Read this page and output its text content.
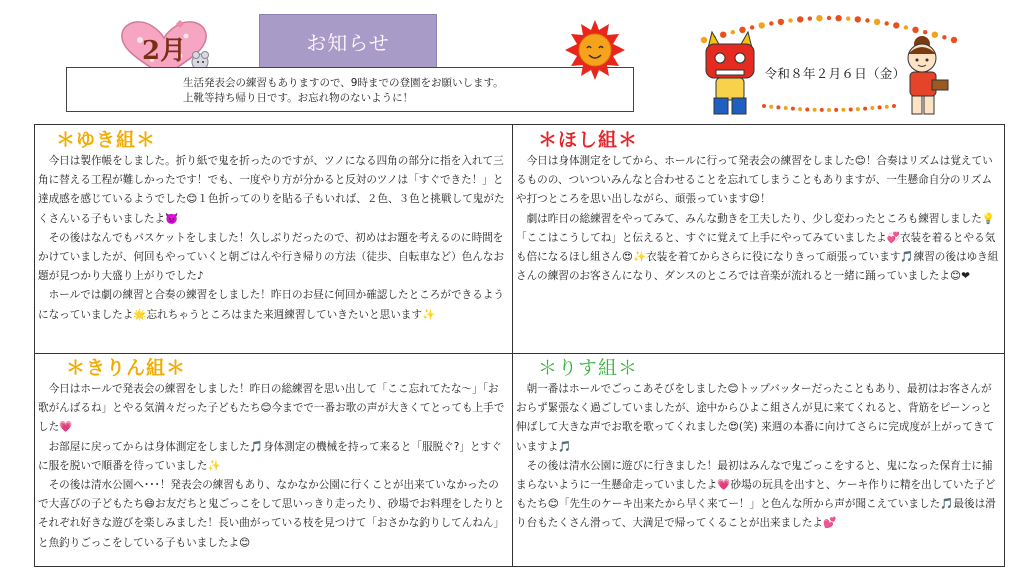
2月	お知らせ
生活発表会の練習もありますので、9時までの登園をお願いします。
上靴等持ち帰り日です。お忘れ物のないように！
令和８年２月６日（金）
＊ゆき組＊

今日は製作帳をしました。折り紙で鬼を折ったのですが、ツノになる四角の部分に指を入れて三角に替える工程が難しかったです！でも、一度やり方が分かると反対のツノは「すぐできた！」と達成感を感じているようでした😊１色折ってのりを貼る子もいれば、２色、３色と挑戦して鬼がたくさんいる子もいましたよ👿

その後はなんでもバスケットをしました！久しぶりだったので、初めはお題を考えるのに時間をかけていましたが、何回もやっていくと朝ごはんや行き帰りの方法（徒歩、自転車など）色んなお題が見つかり大盛り上がりでした♪

ホールでは劇の練習と合奏の練習をしました！昨日のお昼に何回か確認したところができるようになっていましたよ🌟忘れちゃうところはまた来週練習していきたいと思います✨

＊ほし組＊

今日は身体測定をしてから、ホールに行って発表会の練習をしました😊！合奏はリズムは覚えているものの、ついついみんなと合わせることを忘れてしまうこともありますが、一生懸命自分のリズムや打つところを思い出しながら、頑張っています😉！

劇は昨日の総練習をやってみて、みんな動きを工夫したり、少し変わったところも練習しました💡「ここはこうしてね」と伝えると、すぐに覚えて上手にやってみていましたよ💞衣装を着るとやる気も倍になるほし組さん😍✨衣装を着てからさらに役になりきって頑張っています🎵練習の後はゆき組さんの練習のお客さんになり、ダンスのところでは音楽が流れると一緒に踊っていましたよ😊❤

＊きりん組＊

今日はホールで発表会の練習をしました！昨日の総練習を思い出して「ここ忘れてたな～」「お歌がんばるね」とやる気満々だった子どもたち😊今までで一番お歌の声が大きくてとっても上手でした💗

お部屋に戻ってからは身体測定をしました🎵身体測定の機械を持って来ると「服脱ぐ?」とすぐに服を脱いで順番を待っていました✨

その後は清水公園へ･･･！発表会の練習もあり、なかなか公園に行くことが出来ていなかったので大喜びの子どもたち😄お友だちと鬼ごっこをして思いっきり走ったり、砂場でお料理をしたりとそれぞれ好きな遊びを楽しみました！長い曲がっている枝を見つけて「おさかな釣りしてんねん」と魚釣りごっこをしている子もいましたよ😊

＊りす組＊

朝一番はホールでごっこあそびをしました😊トップバッターだったこともあり、最初はお客さんがおらず緊張なく過ごしていましたが、途中からひよこ組さんが見に来てくれると、背筋をピーンっと伸ばして大きな声でお歌を歌ってくれました😍(笑) 来週の本番に向けてさらに完成度が上がってきていますよ🎵

その後は清水公園に遊びに行きました！最初はみんなで鬼ごっこをすると、鬼になった保育士に捕まらないように一生懸命走っていましたよ💗砂場の玩具を出すと、ケーキ作りに精を出していた子どもたち😊「先生のケーキ出来たから早く来てー！」と色んな所から声が聞こえていました🎵最後は滑り台もたくさん滑って、大満足で帰ってくることが出来ましたよ💕
